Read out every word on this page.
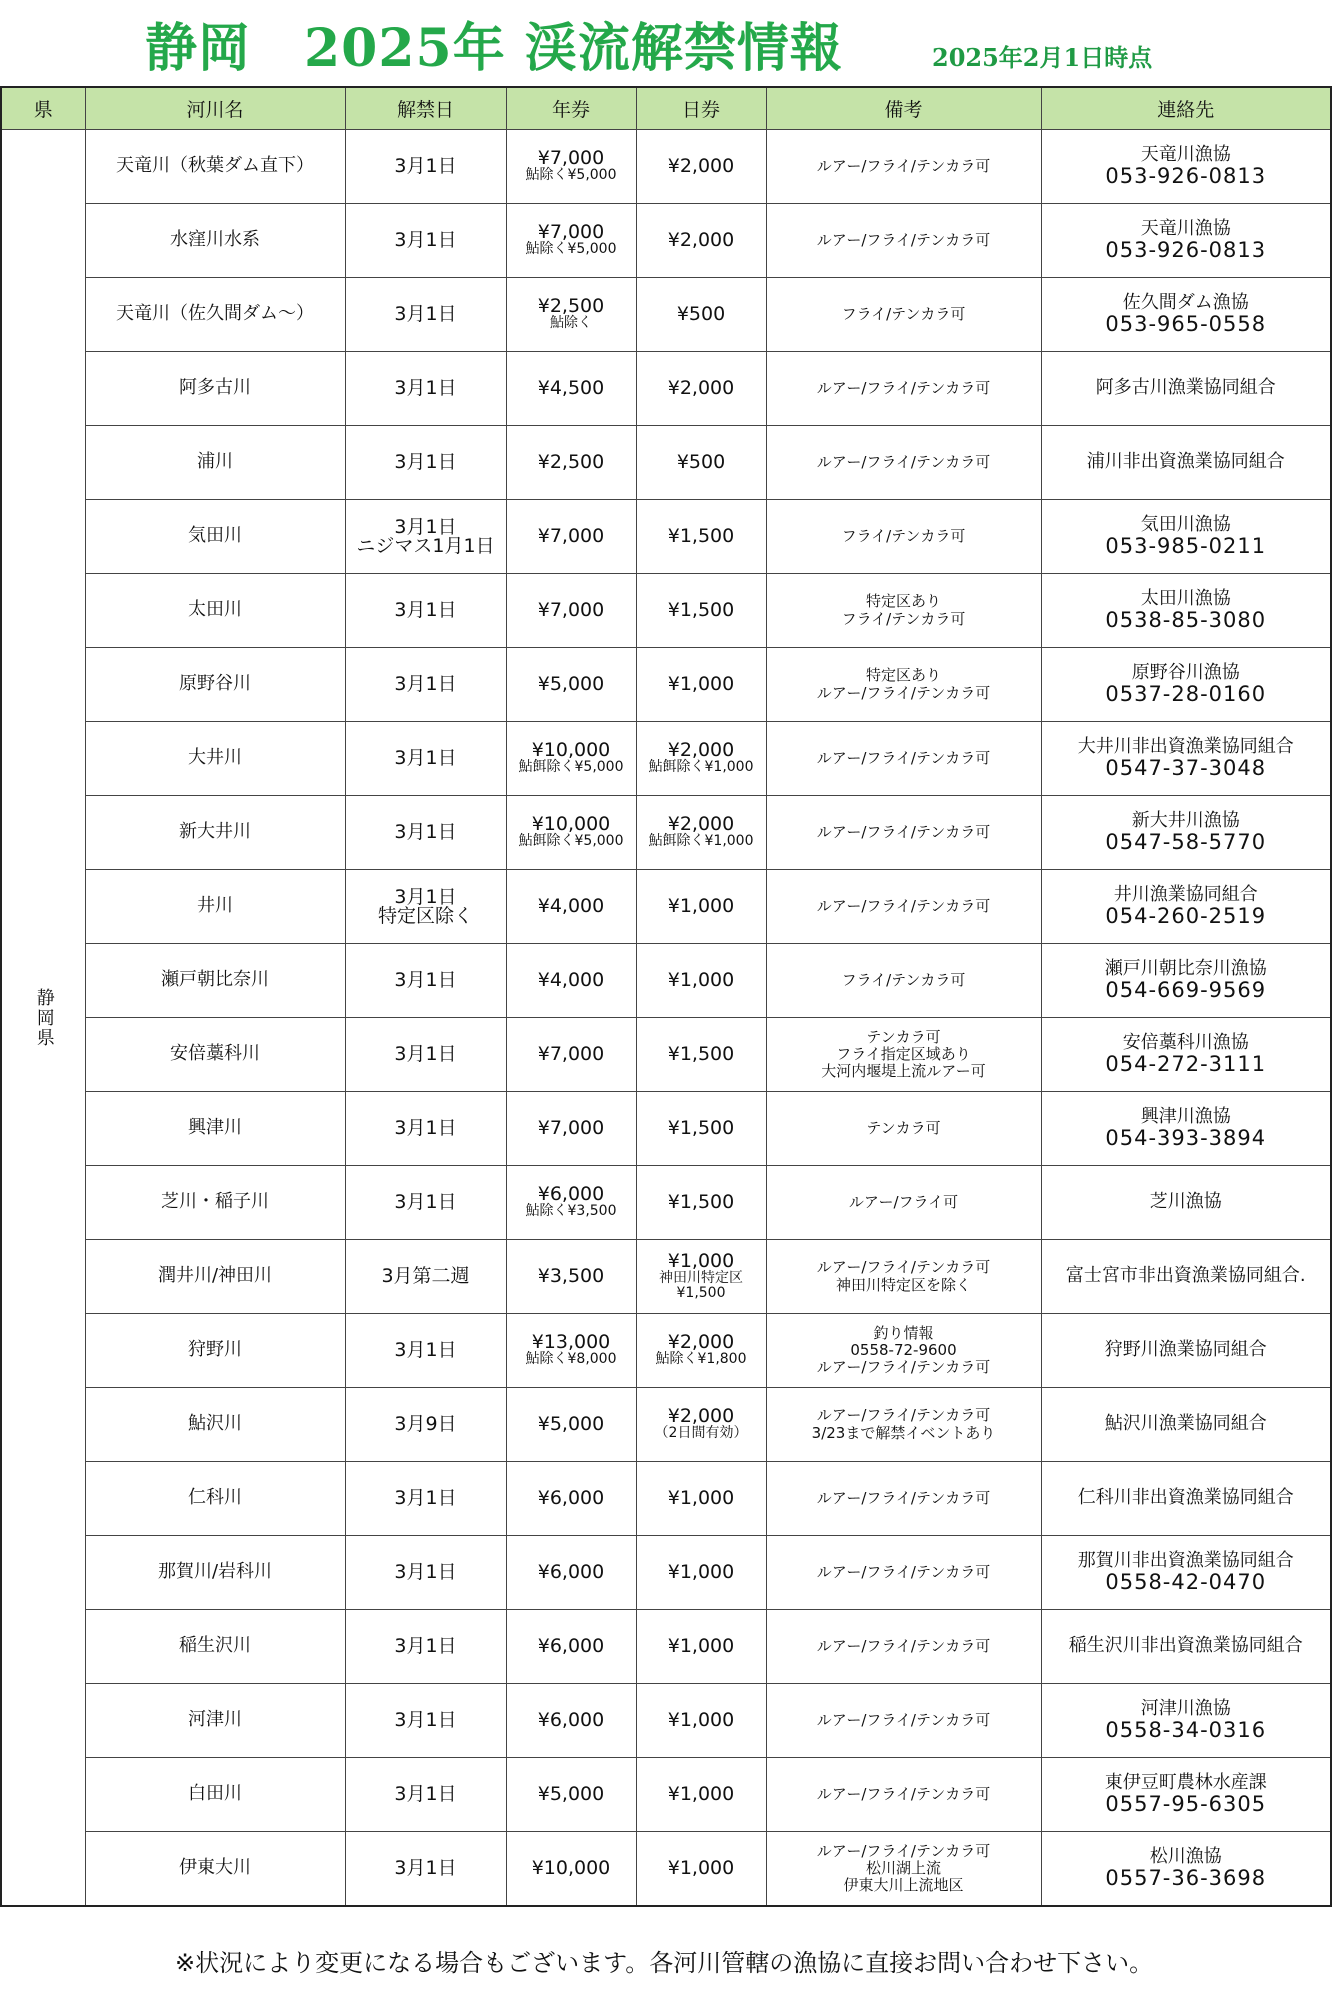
静岡　2025年 渓流解禁情報	2025年2月1日時点
県	河川名	解禁日	年券	日券	備考	連絡先
静岡県	天竜川（秋葉ダム直下）	3月1日	¥7,000
鮎除く¥5,000	¥2,000	ルアー/フライ/テンカラ可	天竜川漁協
053-926-0813

	水窪川水系	3月1日	¥7,000
鮎除く¥5,000	¥2,000	ルアー/フライ/テンカラ可	天竜川漁協
053-926-0813

	天竜川（佐久間ダム～）	3月1日	¥2,500
鮎除く	¥500	フライ/テンカラ可	佐久間ダム漁協
053-965-0558

	阿多古川	3月1日	¥4,500	¥2,000	ルアー/フライ/テンカラ可	阿多古川漁業協同組合

	浦川	3月1日	¥2,500	¥500	ルアー/フライ/テンカラ可	浦川非出資漁業協同組合

	気田川	3月1日
ニジマス1月1日	¥7,000	¥1,500	フライ/テンカラ可	気田川漁協
053-985-0211

	太田川	3月1日	¥7,000	¥1,500	特定区あり
フライ/テンカラ可	太田川漁協
0538-85-3080

	原野谷川	3月1日	¥5,000	¥1,000	特定区あり
ルアー/フライ/テンカラ可	原野谷川漁協
0537-28-0160

	大井川	3月1日	¥10,000
鮎餌除く¥5,000	¥2,000
鮎餌除く¥1,000	ルアー/フライ/テンカラ可	大井川非出資漁業協同組合
0547-37-3048

	新大井川	3月1日	¥10,000
鮎餌除く¥5,000	¥2,000
鮎餌除く¥1,000	ルアー/フライ/テンカラ可	新大井川漁協
0547-58-5770

	井川	3月1日
特定区除く	¥4,000	¥1,000	ルアー/フライ/テンカラ可	井川漁業協同組合
054-260-2519

	瀬戸朝比奈川	3月1日	¥4,000	¥1,000	フライ/テンカラ可	瀬戸川朝比奈川漁協
054-669-9569

	安倍藁科川	3月1日	¥7,000	¥1,500	テンカラ可
フライ指定区域あり
大河内堰堤上流ルアー可	安倍藁科川漁協
054-272-3111

	興津川	3月1日	¥7,000	¥1,500	テンカラ可	興津川漁協
054-393-3894

	芝川・稲子川	3月1日	¥6,000
鮎除く¥3,500	¥1,500	ルアー/フライ可	芝川漁協

	潤井川/神田川	3月第二週	¥3,500	¥1,000
神田川特定区
¥1,500	ルアー/フライ/テンカラ可
神田川特定区を除く	富士宮市非出資漁業協同組合.

	狩野川	3月1日	¥13,000
鮎除く¥8,000	¥2,000
鮎除く¥1,800	釣り情報
0558-72-9600
ルアー/フライ/テンカラ可	狩野川漁業協同組合

	鮎沢川	3月9日	¥5,000	¥2,000
（2日間有効）	ルアー/フライ/テンカラ可
3/23まで解禁イベントあり	鮎沢川漁業協同組合

	仁科川	3月1日	¥6,000	¥1,000	ルアー/フライ/テンカラ可	仁科川非出資漁業協同組合

	那賀川/岩科川	3月1日	¥6,000	¥1,000	ルアー/フライ/テンカラ可	那賀川非出資漁業協同組合
0558-42-0470

	稲生沢川	3月1日	¥6,000	¥1,000	ルアー/フライ/テンカラ可	稲生沢川非出資漁業協同組合

	河津川	3月1日	¥6,000	¥1,000	ルアー/フライ/テンカラ可	河津川漁協
0558-34-0316

	白田川	3月1日	¥5,000	¥1,000	ルアー/フライ/テンカラ可	東伊豆町農林水産課
0557-95-6305

	伊東大川	3月1日	¥10,000	¥1,000	ルアー/フライ/テンカラ可
松川湖上流
伊東大川上流地区	松川漁協
0557-36-3698
※状況により変更になる場合もございます。各河川管轄の漁協に直接お問い合わせ下さい。
